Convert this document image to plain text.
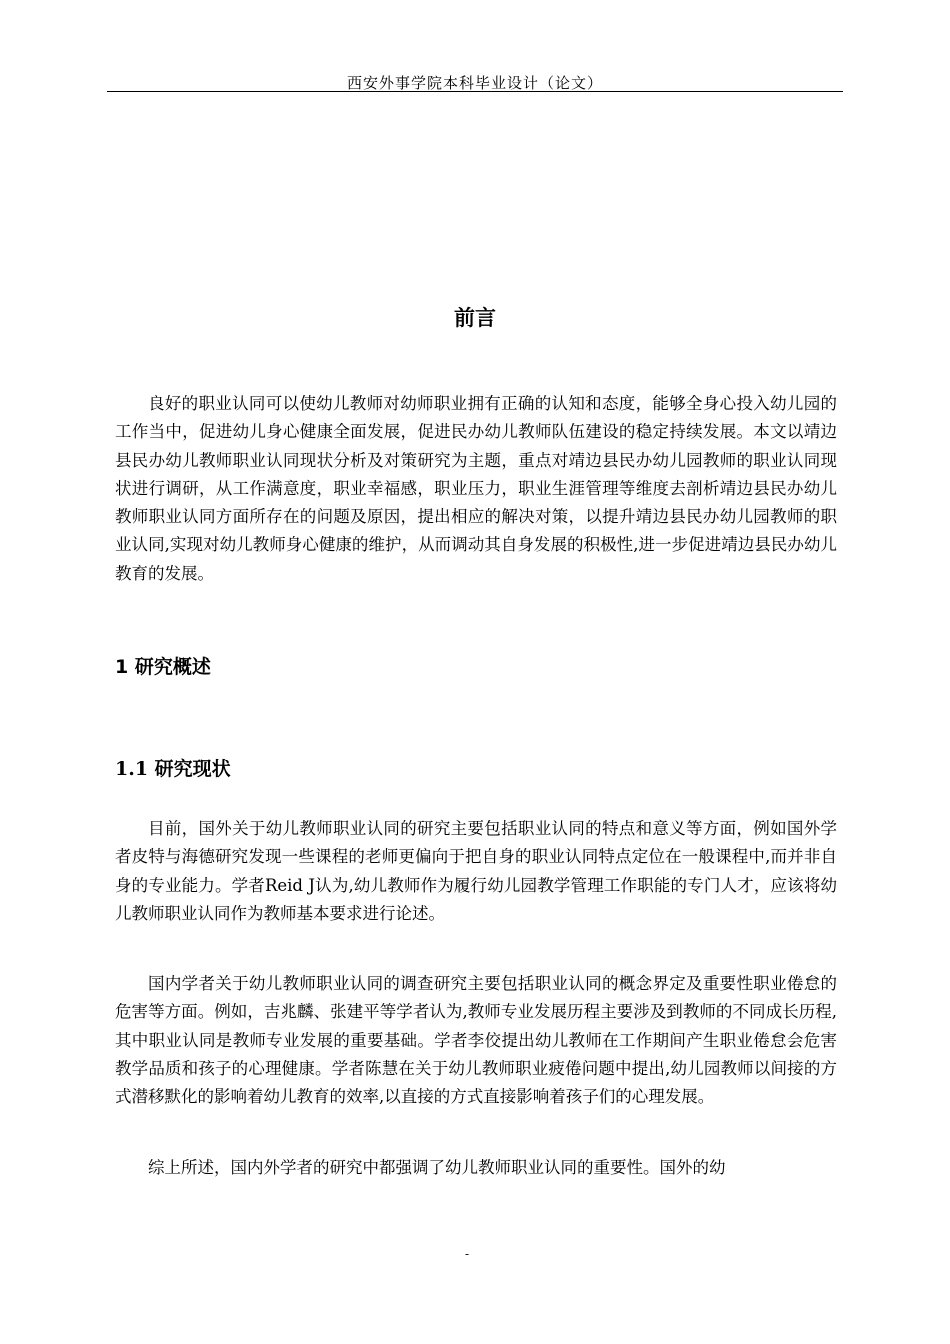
西安外事学院本科毕业设计（论文）
前言

良好的职业认同可以使幼儿教师对幼师职业拥有正确的认知和态度，能够全身心投入幼儿园的工作当中，促进幼儿身心健康全面发展，促进民办幼儿教师队伍建设的稳定持续发展。本文以靖边县民办幼儿教师职业认同现状分析及对策研究为主题，重点对靖边县民办幼儿园教师的职业认同现状进行调研，从工作满意度，职业幸福感，职业压力，职业生涯管理等维度去剖析靖边县民办幼儿教师职业认同方面所存在的问题及原因，提出相应的解决对策，以提升靖边县民办幼儿园教师的职业认同,实现对幼儿教师身心健康的维护，从而调动其自身发展的积极性,进一步促进靖边县民办幼儿教育的发展。

1 研究概述
1.1 研究现状

目前，国外关于幼儿教师职业认同的研究主要包括职业认同的特点和意义等方面，例如国外学者皮特与海德研究发现一些课程的老师更偏向于把自身的职业认同特点定位在一般课程中,而并非自身的专业能力。学者Reid J认为,幼儿教师作为履行幼儿园教学管理工作职能的专门人才，应该将幼儿教师职业认同作为教师基本要求进行论述。

国内学者关于幼儿教师职业认同的调查研究主要包括职业认同的概念界定及重要性职业倦怠的危害等方面。例如，吉兆麟、张建平等学者认为,教师专业发展历程主要涉及到教师的不同成长历程,其中职业认同是教师专业发展的重要基础。学者李佼提出幼儿教师在工作期间产生职业倦怠会危害教学品质和孩子的心理健康。学者陈慧在关于幼儿教师职业疲倦问题中提出,幼儿园教师以间接的方式潜移默化的影响着幼儿教育的效率,以直接的方式直接影响着孩子们的心理发展。

综上所述，国内外学者的研究中都强调了幼儿教师职业认同的重要性。国外的幼

-
